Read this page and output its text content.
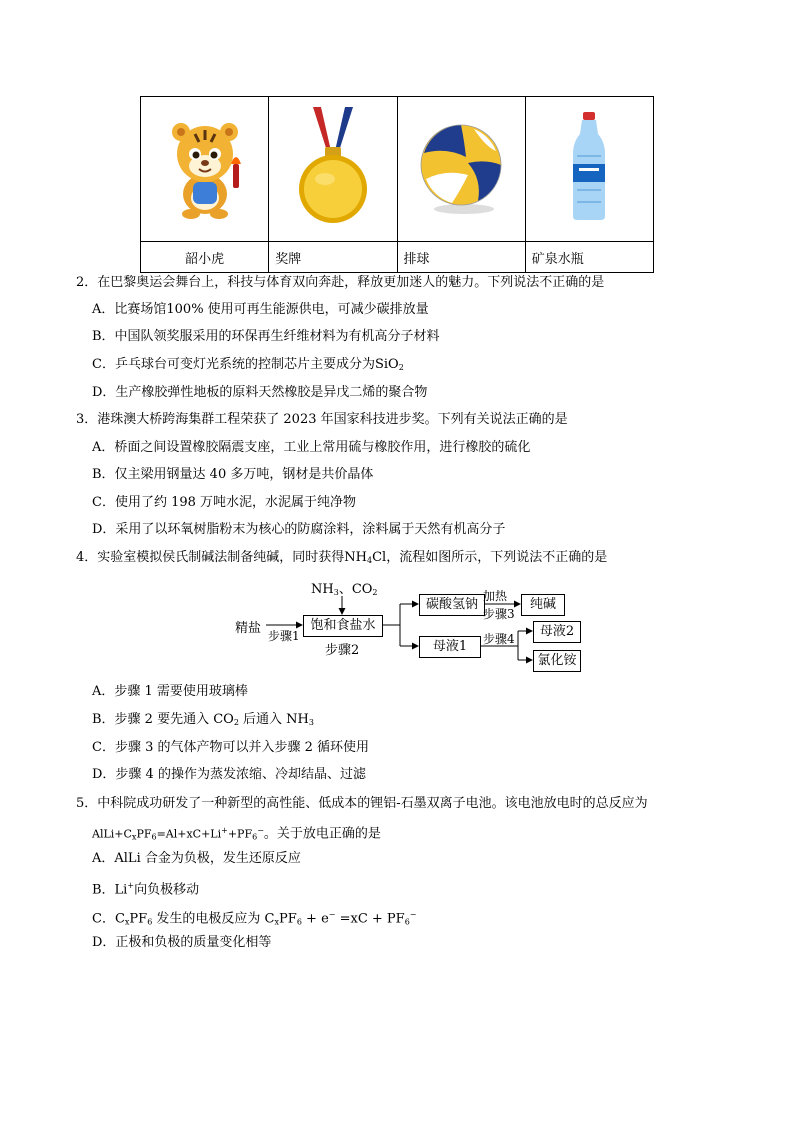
韶小虎	奖牌	排球	矿泉水瓶
2．在巴黎奥运会舞台上，科技与体育双向奔赴，释放更加迷人的魅力。下列说法不正确的是
A．比赛场馆100% 使用可再生能源供电，可减少碳排放量
B．中国队领奖服采用的环保再生纤维材料为有机高分子材料
C．乒乓球台可变灯光系统的控制芯片主要成分为SiO$_2$
D．生产橡胶弹性地板的原料天然橡胶是异戊二烯的聚合物
3．港珠澳大桥跨海集群工程荣获了 2023 年国家科技进步奖。下列有关说法正确的是
A．桥面之间设置橡胶隔震支座，工业上常用硫与橡胶作用，进行橡胶的硫化
B．仅主梁用钢量达 40 多万吨，钢材是共价晶体
C．使用了约 198 万吨水泥，水泥属于纯净物
D．采用了以环氧树脂粉末为核心的防腐涂料，涂料属于天然有机高分子
4．实验室模拟侯氏制碱法制备纯碱，同时获得$NH_4Cl$，流程如图所示，下列说法不正确的是
$NH_3$、$CO_2$
精盐 步骤1
饱和食盐水
步骤2
碳酸氢钠
加热
步骤3
纯碱
母液1	步骤4	母液2
氯化铵
A．步骤 1 需要使用玻璃棒
B．步骤 2 要先通入 $CO_2$ 后通入 $NH_3$
C．步骤 3 的气体产物可以并入步骤 2 循环使用
D．步骤 4 的操作为蒸发浓缩、冷却结晶、过滤
5．中科院成功研发了一种新型的高性能、低成本的锂铝-石墨双离子电池。该电池放电时的总反应为
$AlLi+C_xPF_6=Al+xC+Li^++PF_6^-$。关于放电正确的是
A．AlLi 合金为负极，发生还原反应
B．Li+向负极移动
C．$C_xPF_6$ 发生的电极反应为 $C_xPF_6 + e^- =xC + PF_6^-$
D．正极和负极的质量变化相等
